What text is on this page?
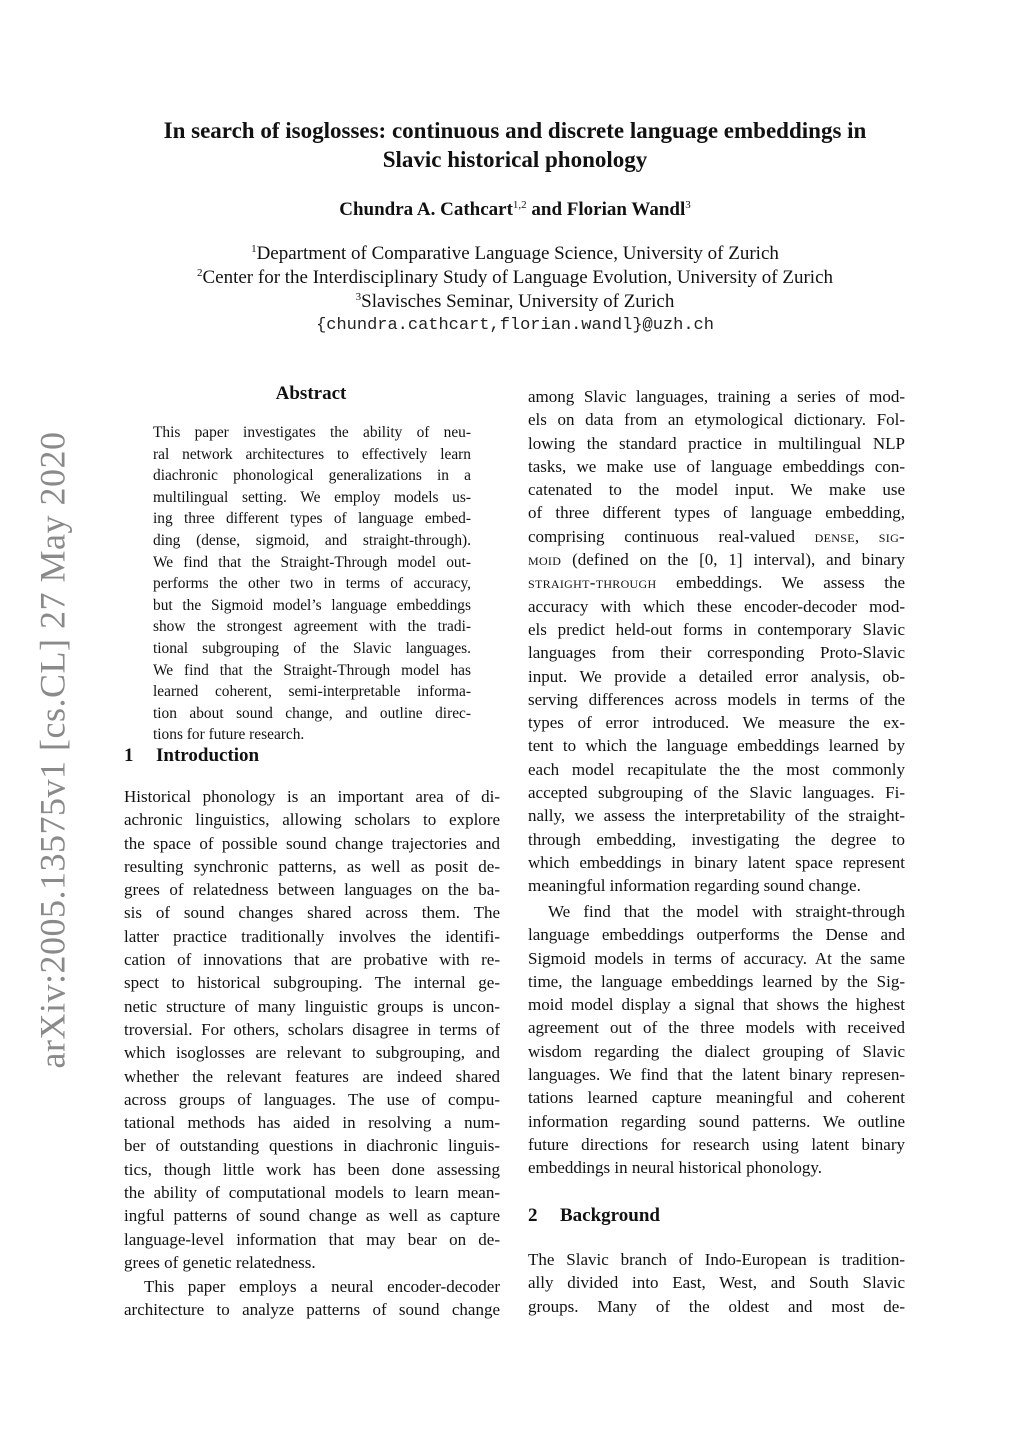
arXiv:2005.13575v1 [cs.CL] 27 May 2020
In search of isoglosses: continuous and discrete language embeddings in
Slavic historical phonology
Chundra A. Cathcart$^{1,2}$ and Florian Wandl$^3$
$^1$Department of Comparative Language Science, University of Zurich
$^2$Center for the Interdisciplinary Study of Language Evolution, University of Zurich
$^3$Slavisches Seminar, University of Zurich
{chundra.cathcart,florian.wandl}@uzh.ch
Abstract
This paper investigates the ability of neu-
ral network architectures to effectively learn
diachronic phonological generalizations in a
multilingual setting. We employ models us-
ing three different types of language embed-
ding (dense, sigmoid, and straight-through).
We find that the Straight-Through model out-
performs the other two in terms of accuracy,
but the Sigmoid model’s language embeddings
show the strongest agreement with the tradi-
tional subgrouping of the Slavic languages.
We find that the Straight-Through model has
learned coherent, semi-interpretable informa-
tion about sound change, and outline direc-
tions for future research.
1 Introduction
Historical phonology is an important area of di-
achronic linguistics, allowing scholars to explore
the space of possible sound change trajectories and
resulting synchronic patterns, as well as posit de-
grees of relatedness between languages on the ba-
sis of sound changes shared across them. The
latter practice traditionally involves the identifi-
cation of innovations that are probative with re-
spect to historical subgrouping. The internal ge-
netic structure of many linguistic groups is uncon-
troversial. For others, scholars disagree in terms of
which isoglosses are relevant to subgrouping, and
whether the relevant features are indeed shared
across groups of languages. The use of compu-
tational methods has aided in resolving a num-
ber of outstanding questions in diachronic linguis-
tics, though little work has been done assessing
the ability of computational models to learn mean-
ingful patterns of sound change as well as capture
language-level information that may bear on de-
grees of genetic relatedness.
This paper employs a neural encoder-decoder
architecture to analyze patterns of sound change
among Slavic languages, training a series of mod-
els on data from an etymological dictionary. Fol-
lowing the standard practice in multilingual NLP
tasks, we make use of language embeddings con-
catenated to the model input. We make use
of three different types of language embedding,
comprising continuous real-valued dense, sig-
moid (defined on the [0, 1] interval), and binary
straight-through embeddings. We assess the
accuracy with which these encoder-decoder mod-
els predict held-out forms in contemporary Slavic
languages from their corresponding Proto-Slavic
input. We provide a detailed error analysis, ob-
serving differences across models in terms of the
types of error introduced. We measure the ex-
tent to which the language embeddings learned by
each model recapitulate the the most commonly
accepted subgrouping of the Slavic languages. Fi-
nally, we assess the interpretability of the straight-
through embedding, investigating the degree to
which embeddings in binary latent space represent
meaningful information regarding sound change.
We find that the model with straight-through
language embeddings outperforms the Dense and
Sigmoid models in terms of accuracy. At the same
time, the language embeddings learned by the Sig-
moid model display a signal that shows the highest
agreement out of the three models with received
wisdom regarding the dialect grouping of Slavic
languages. We find that the latent binary represen-
tations learned capture meaningful and coherent
information regarding sound patterns. We outline
future directions for research using latent binary
embeddings in neural historical phonology.
2 Background
The Slavic branch of Indo-European is tradition-
ally divided into East, West, and South Slavic
groups. Many of the oldest and most de-
